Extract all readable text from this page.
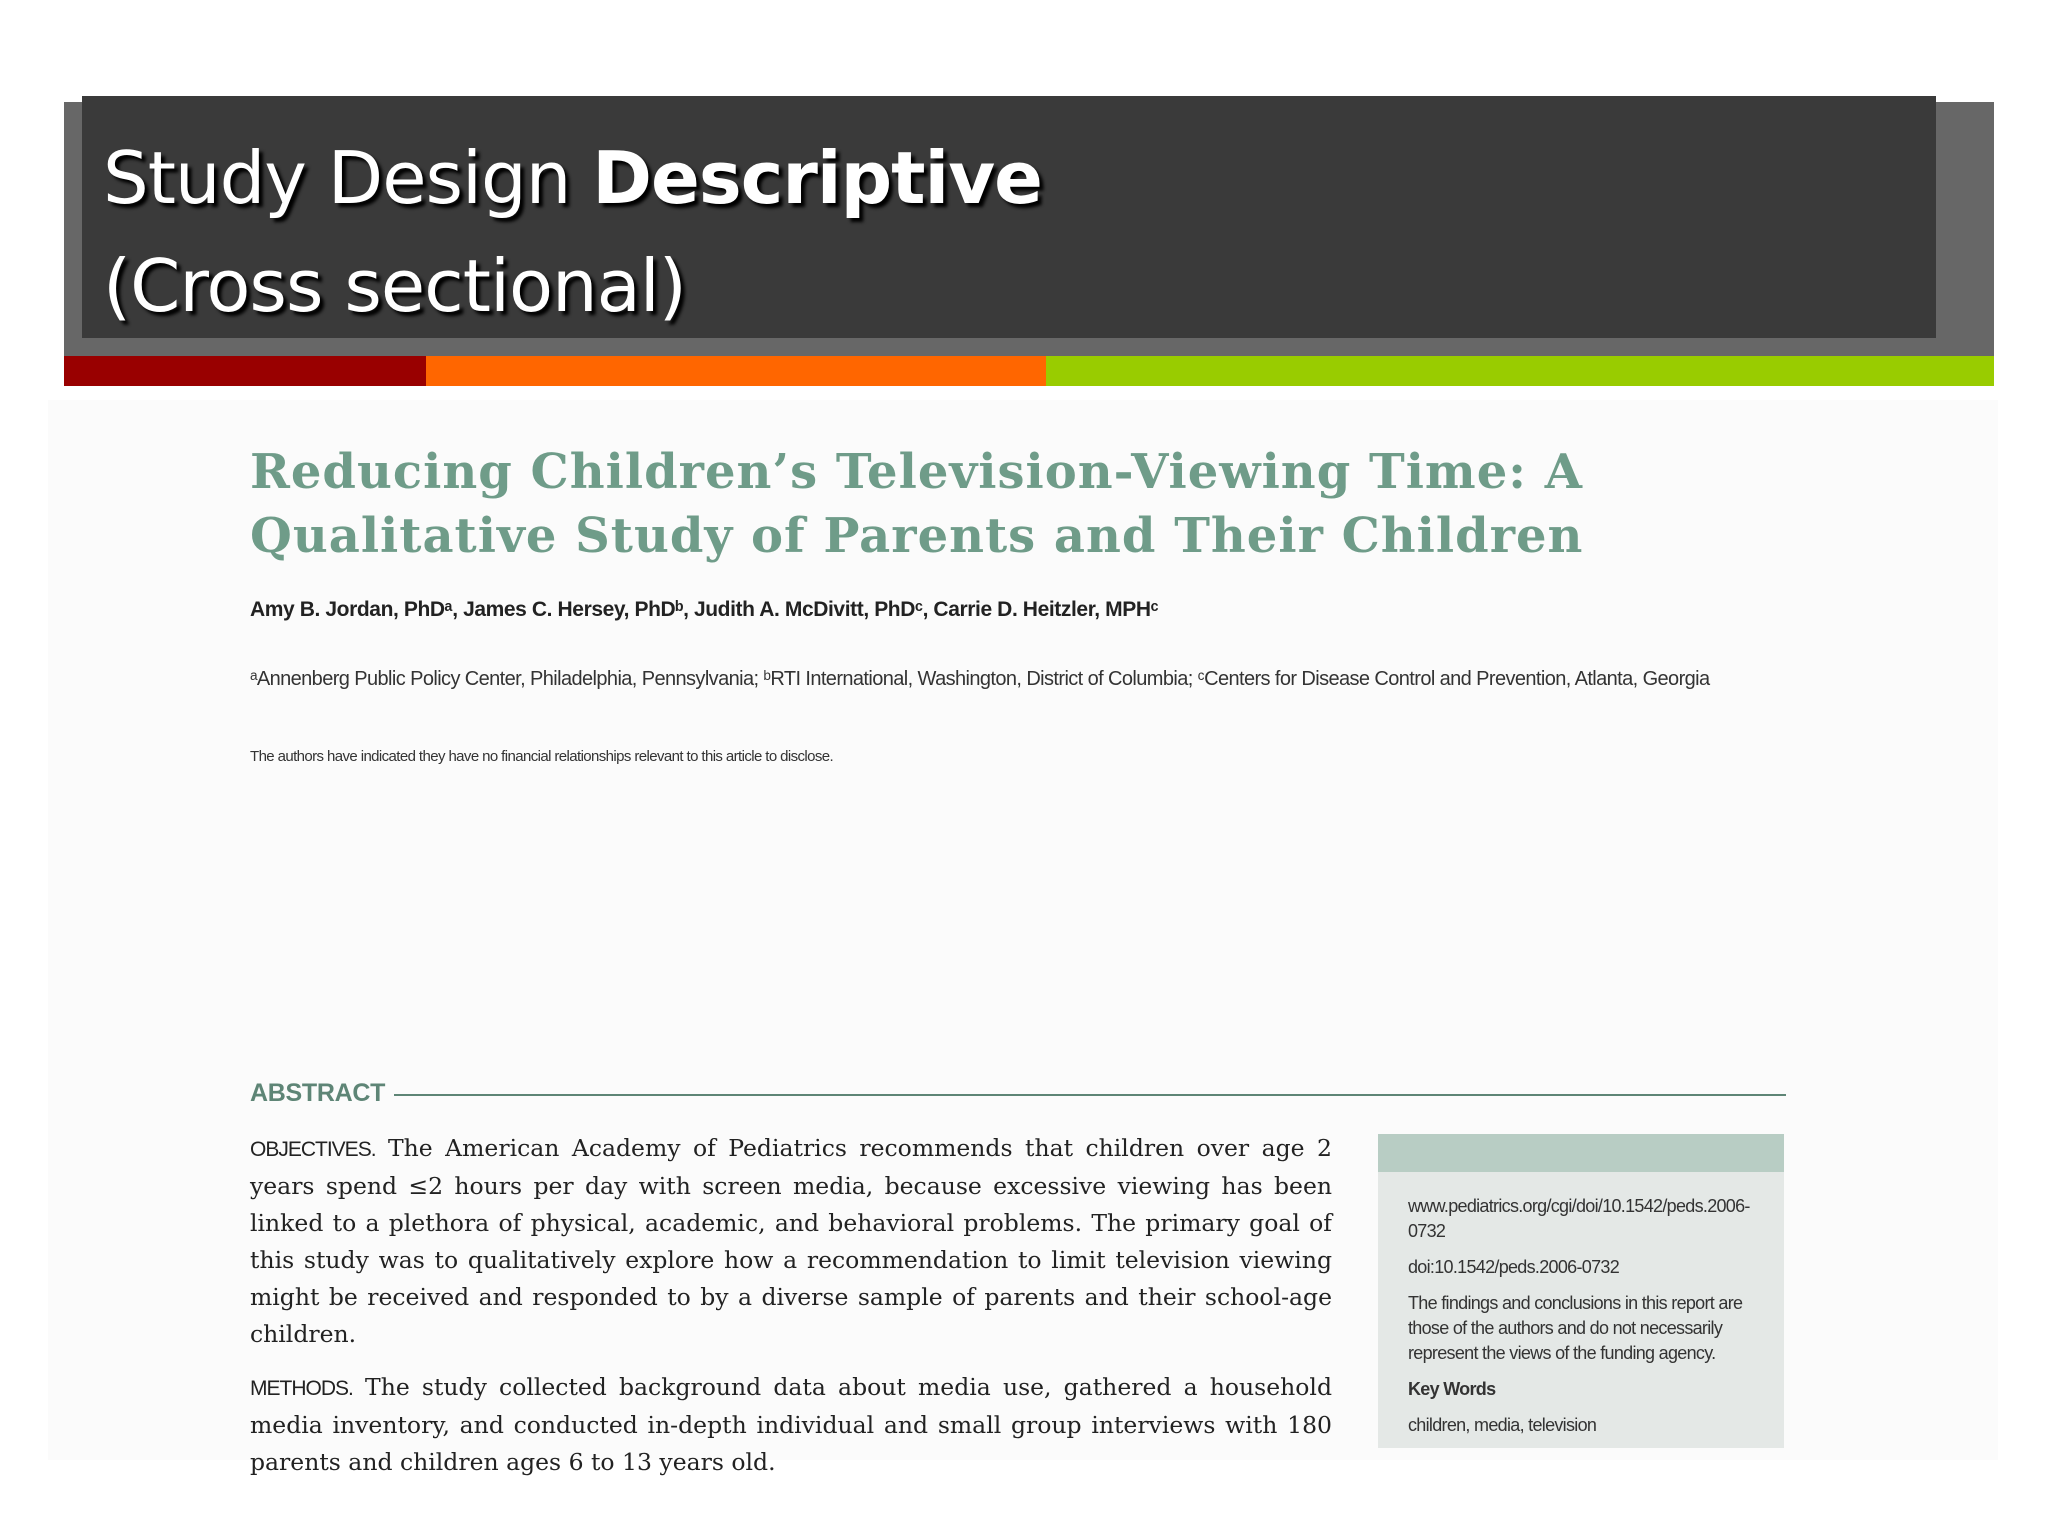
Study Design Descriptive
(Cross sectional)
Reducing Children’s Television-Viewing Time: A Qualitative Study of Parents and Their Children
Amy B. Jordan, PhDᵃ, James C. Hersey, PhDᵇ, Judith A. McDivitt, PhDᶜ, Carrie D. Heitzler, MPHᶜ
ᵃAnnenberg Public Policy Center, Philadelphia, Pennsylvania; ᵇRTI International, Washington, District of Columbia; ᶜCenters for Disease Control and Prevention, Atlanta, Georgia
The authors have indicated they have no financial relationships relevant to this article to disclose.
ABSTRACT

OBJECTIVES. The American Academy of Pediatrics recommends that children over age 2 years spend ≤2 hours per day with screen media, because excessive viewing has been linked to a plethora of physical, academic, and behavioral problems. The primary goal of this study was to qualitatively explore how a recommendation to limit television viewing might be received and responded to by a diverse sample of parents and their school-age children.

METHODS. The study collected background data about media use, gathered a household media inventory, and conducted in-depth individual and small group interviews with 180 parents and children ages 6 to 13 years old.

www.pediatrics.org/cgi/doi/10.1542/peds.2006-0732

doi:10.1542/peds.2006-0732

The findings and conclusions in this report are those of the authors and do not necessarily represent the views of the funding agency.

Key Words

children, media, television
